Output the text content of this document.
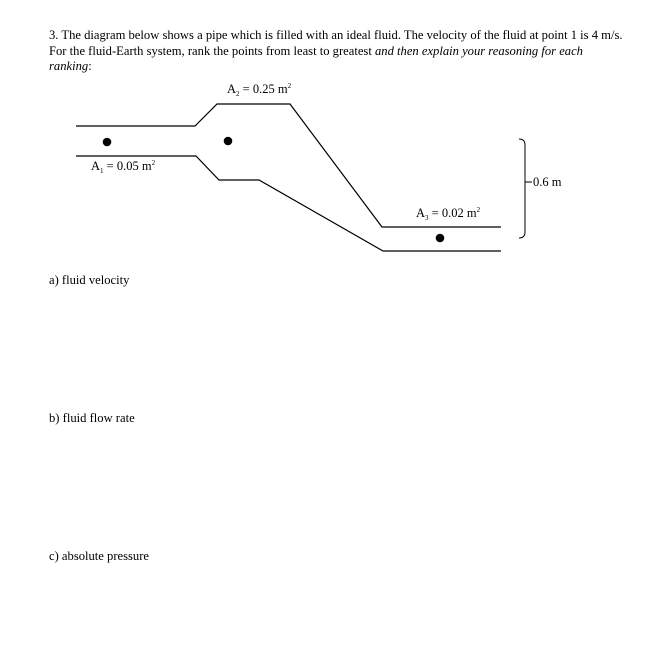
3. The diagram below shows a pipe which is filled with an ideal fluid. The velocity of the fluid at point 1 is 4 m/s. For the fluid-Earth system, rank the points from least to greatest and then explain your reasoning for each ranking:
$A_1 = 0.05$ $m^2$
$A_2 = 0.25$ $m^2$
$A_3 = 0.02$ $m^2$
0.6 m
a) fluid velocity
b) fluid flow rate
c) absolute pressure
